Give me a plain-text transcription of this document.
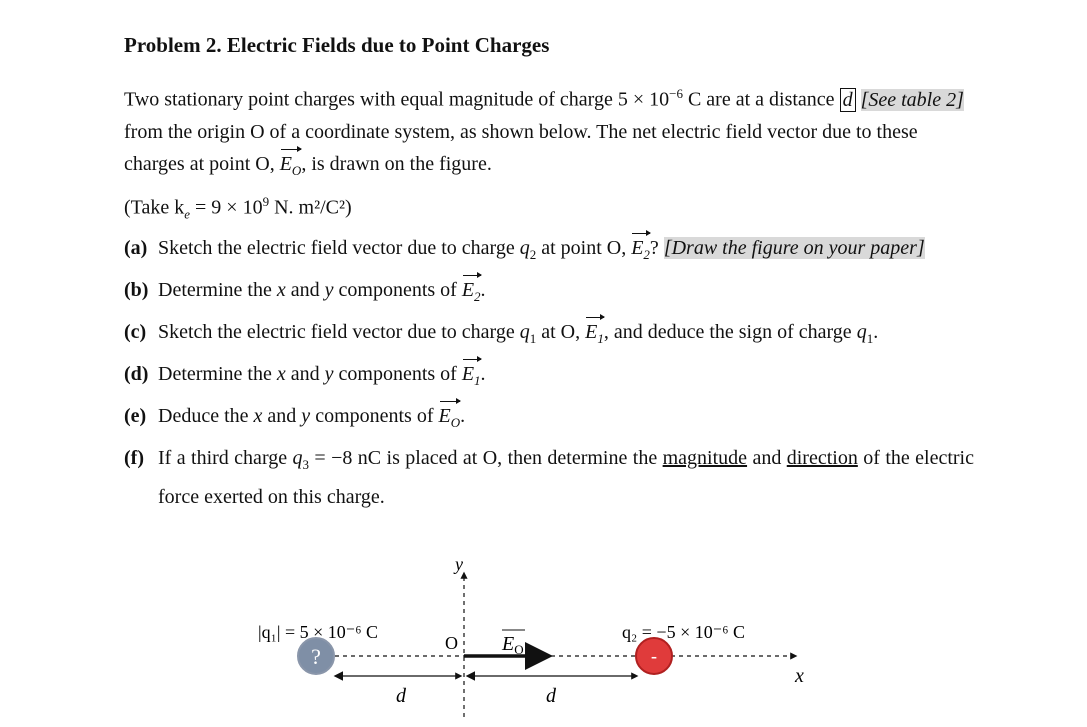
Problem 2. Electric Fields due to Point Charges
Two stationary point charges with equal magnitude of charge $5 \times 10^{-6}$ C are at a distance d [See table 2] from the origin O of a coordinate system, as shown below. The net electric field vector due to these charges at point O, $E_O$, is drawn on the figure.
(Take $k_e = 9 \times 10^9$ N. m²/C²)
(a) Sketch the electric field vector due to charge $q_2$ at point O, $E_2$? [Draw the figure on your paper]
(b) Determine the x and y components of $E_2$.
(c) Sketch the electric field vector due to charge $q_1$ at O, $E_1$, and deduce the sign of charge $q_1$.
(d) Determine the x and y components of $E_1$.
(e) Deduce the x and y components of $E_O$.
(f) If a third charge $q_3 = -8$ nC is placed at O, then determine the magnitude and direction of the electric force exerted on this charge.
y
x
?	-
|q₁| = 5 × 10⁻⁶ C	q₂ = −5 × 10⁻⁶ C
O $E_O$
d	d
